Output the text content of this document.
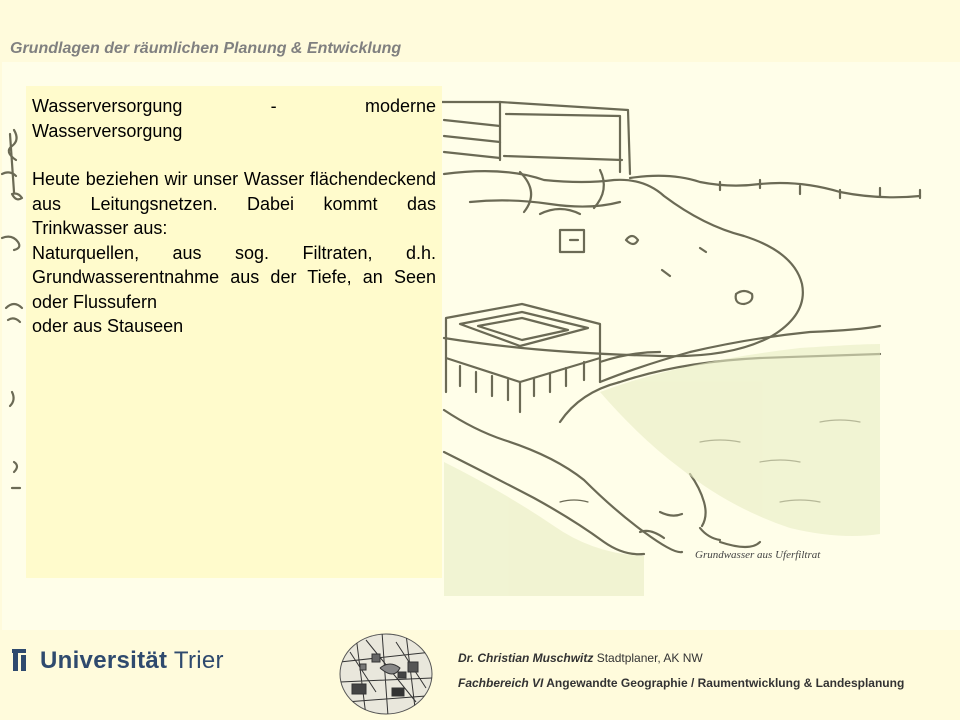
Grundlagen der räumlichen Planung & Entwicklung

Wasserversorgung - moderne

Wasserversorgung

Heute beziehen wir unser Wasser flächendeckend aus Leitungsnetzen. Dabei kommt das Trinkwasser aus:

Naturquellen, aus sog. Filtraten, d.h. Grundwasserentnahme aus der Tiefe, an Seen oder Flussufern

oder aus Stauseen

Grundwasser aus Uferfiltrat
Universität Trier	Dr. Christian Muschwitz Stadtplaner, AK NW
Fachbereich VI Angewandte Geographie / Raumentwicklung & Landesplanung
